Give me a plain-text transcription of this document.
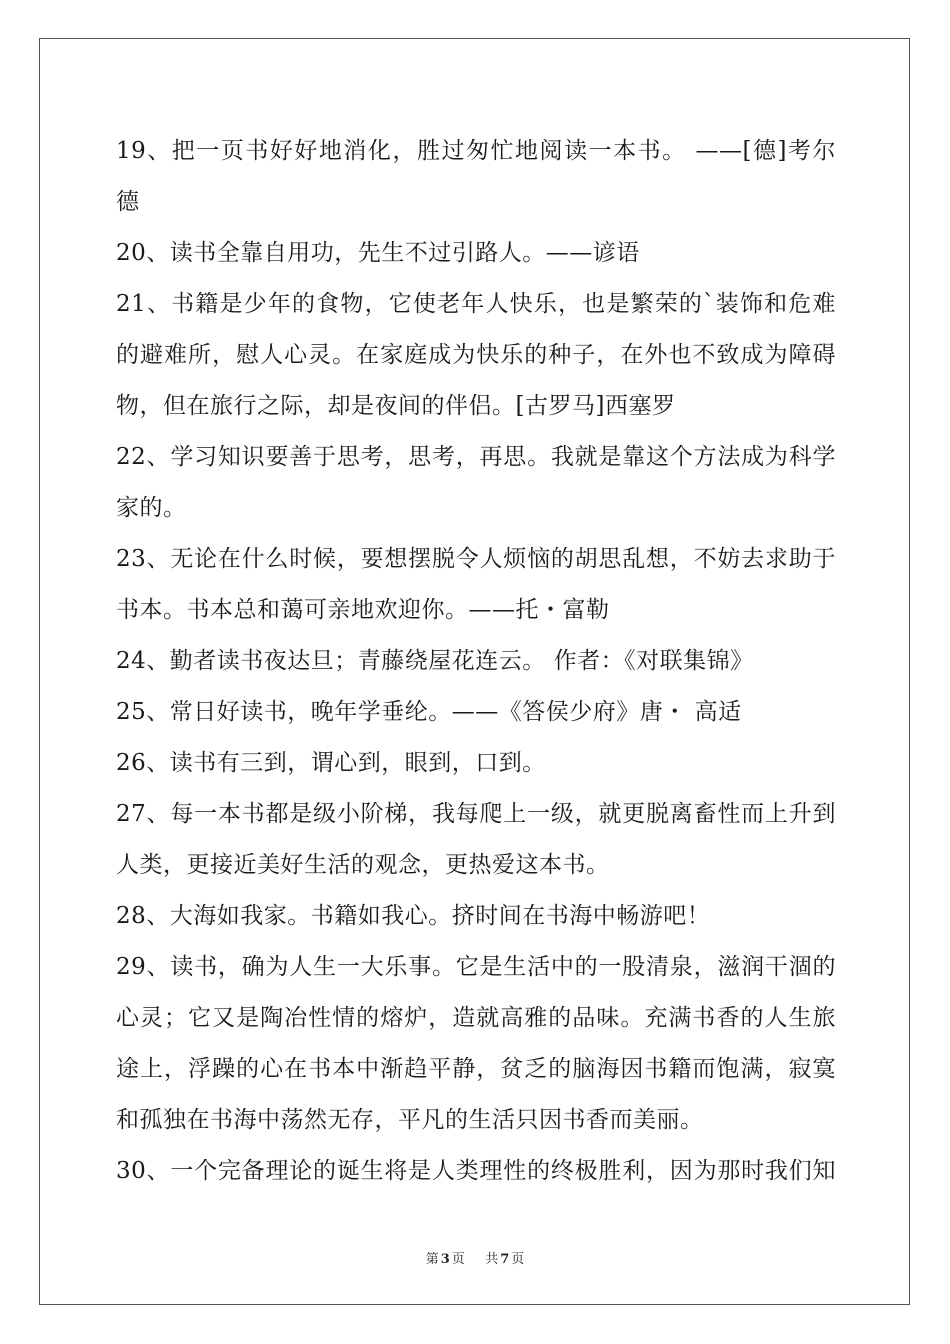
19、把一页书好好地消化，胜过匆忙地阅读一本书。 ——[德]考尔
德
20、读书全靠自用功，先生不过引路人。——谚语
21、书籍是少年的食物，它使老年人快乐，也是繁荣的`装饰和危难
的避难所，慰人心灵。在家庭成为快乐的种子，在外也不致成为障碍
物，但在旅行之际，却是夜间的伴侣。[古罗马]西塞罗
22、学习知识要善于思考，思考，再思。我就是靠这个方法成为科学
家的。
23、无论在什么时候，要想摆脱令人烦恼的胡思乱想，不妨去求助于
书本。书本总和蔼可亲地欢迎你。——托・富勒
24、勤者读书夜达旦；青藤绕屋花连云。 作者：《对联集锦》
25、常日好读书，晚年学垂纶。——《答侯少府》唐・ 高适
26、读书有三到，谓心到，眼到，口到。
27、每一本书都是级小阶梯，我每爬上一级，就更脱离畜性而上升到
人类，更接近美好生活的观念，更热爱这本书。
28、大海如我家。书籍如我心。挤时间在书海中畅游吧！
29、读书，确为人生一大乐事。它是生活中的一股清泉，滋润干涸的
心灵；它又是陶冶性情的熔炉，造就高雅的品味。充满书香的人生旅
途上，浮躁的心在书本中渐趋平静，贫乏的脑海因书籍而饱满，寂寞
和孤独在书海中荡然无存，平凡的生活只因书香而美丽。
30、一个完备理论的诞生将是人类理性的终极胜利，因为那时我们知
第 3 页 共 7 页
